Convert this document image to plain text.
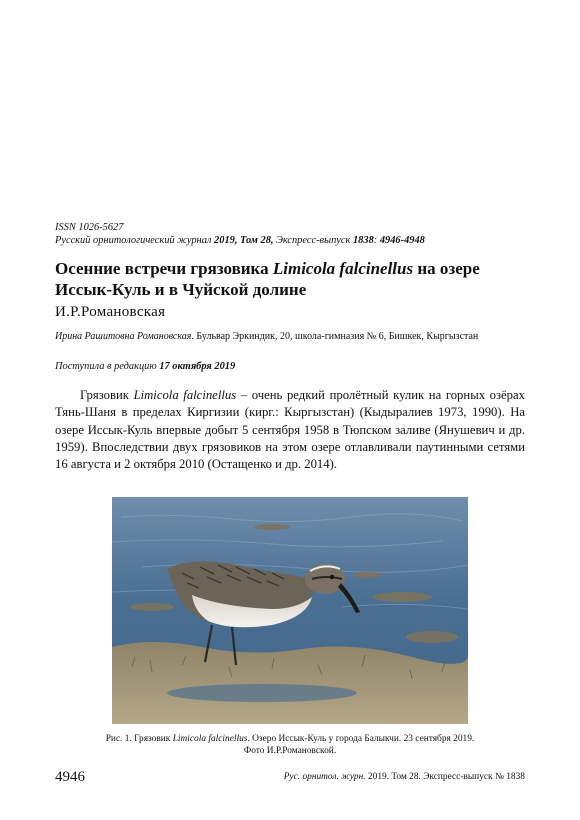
ISSN 1026-5627
Русский орнитологический журнал 2019, Том 28, Экспресс-выпуск 1838: 4946-4948
Осенние встречи грязовика Limicola falcinellus на озере Иссык-Куль и в Чуйской долине
И.Р.Романовская
Ирина Рашитовна Романовская. Бульвар Эркиндик, 20, школа-гимназия № 6, Бишкек, Кыргызстан
Поступила в редакцию 17 октября 2019

Грязовик Limicola falcinellus – очень редкий пролётный кулик на горных озёрах Тянь-Шаня в пределах Киргизии (кирг.: Кыргызстан) (Кыдыралиев 1973, 1990). На озере Иссык-Куль впервые добыт 5 сентября 1958 в Тюпском заливе (Янушевич и др. 1959). Впоследствии двух грязовиков на этом озере отлавливали паутинными сетями 16 августа и 2 октября 2010 (Остащенко и др. 2014).

Рис. 1. Грязовик Limicola falcinellus. Озеро Иссык-Куль у города Балыкчи. 23 сентября 2019. Фото И.Р.Романовской.
4946	Рус. орнитол. журн. 2019. Том 28. Экспресс-выпуск № 1838
